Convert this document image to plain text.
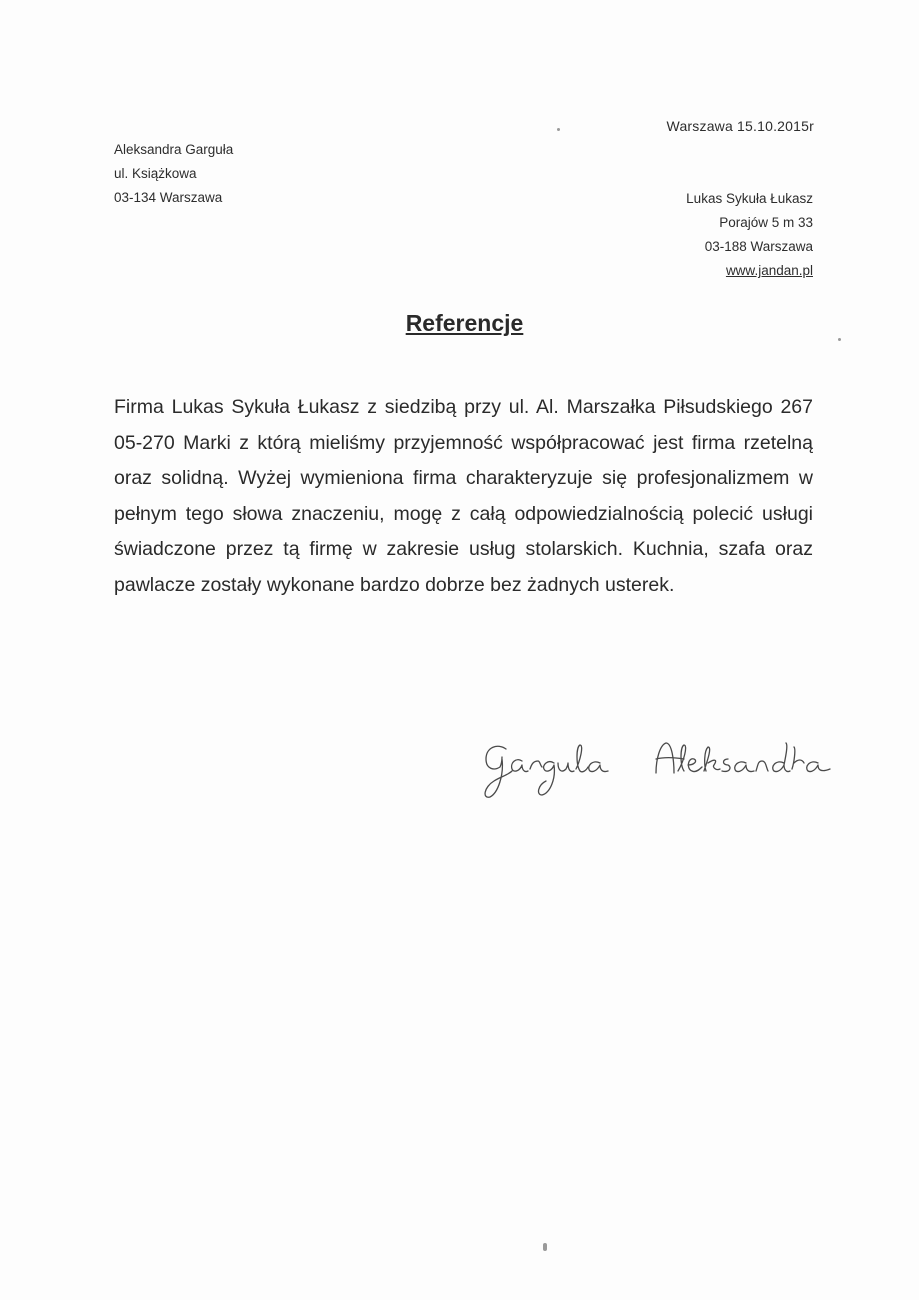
Warszawa 15.10.2015r
Aleksandra Garguła
ul. Książkowa
03-134 Warszawa	Lukas Sykuła Łukasz
Porajów 5 m 33
03-188 Warszawa
www.jandan.pl
Referencje

Firma Lukas Sykuła Łukasz z siedzibą przy ul. Al. Marszałka Piłsudskiego 267 05-270 Marki z którą mieliśmy przyjemność współpracować jest firma rzetelną oraz solidną. Wyżej wymieniona firma charakteryzuje się profesjonalizmem w pełnym tego słowa znaczeniu, mogę z całą odpowiedzialnością polecić usługi świadczone przez tą firmę w zakresie usług stolarskich. Kuchnia, szafa oraz pawlacze zostały wykonane bardzo dobrze bez żadnych usterek.
